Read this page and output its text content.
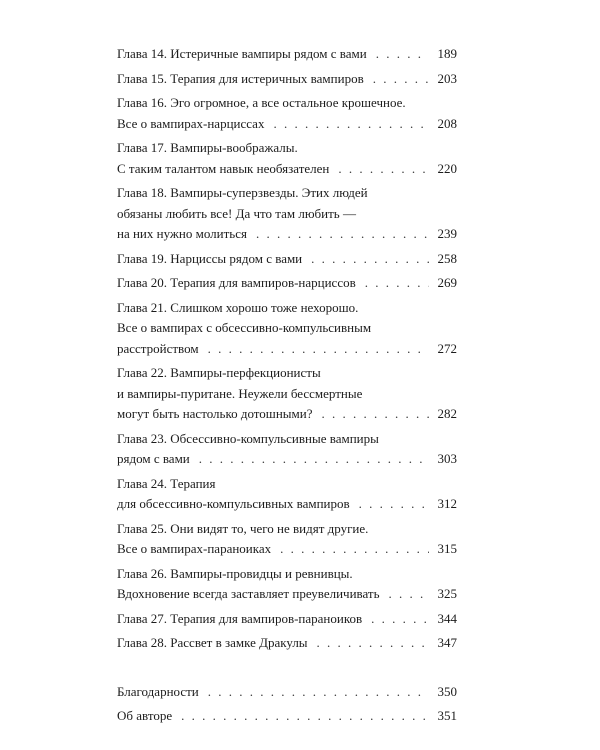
Глава 14. Истеричные вампиры рядом с вами . . .	189
Глава 15. Терапия для истеричных вампиров . . .	203
Глава 16. Эго огромное, а все остальное крошечное.
Все о вампирах-нарциссах . . .	208
Глава 17. Вампиры-воображалы.
С таким талантом навык необязателен . . .	220
Глава 18. Вампиры-суперзвезды. Этих людей
обязаны любить все! Да что там любить —
на них нужно молиться . . .	239
Глава 19. Нарциссы рядом с вами . . .	258
Глава 20. Терапия для вампиров-нарциссов . . .	269
Глава 21. Слишком хорошо тоже нехорошо.
Все о вампирах с обсессивно-компульсивным
расстройством . . .	272
Глава 22. Вампиры-перфекционисты
и вампиры-пуритане. Неужели бессмертные
могут быть настолько дотошными? . . .	282
Глава 23. Обсессивно-компульсивные вампиры
рядом с вами . . .	303
Глава 24. Терапия
для обсессивно-компульсивных вампиров . . .	312
Глава 25. Они видят то, чего не видят другие.
Все о вампирах-параноиках . . .	315
Глава 26. Вампиры-провидцы и ревнивцы.
Вдохновение всегда заставляет преувеличивать . . .	325
Глава 27. Терапия для вампиров-параноиков . . .	344
Глава 28. Рассвет в замке Дракулы . . .	347
Благодарности . . .	350
Об авторе . . .	351
